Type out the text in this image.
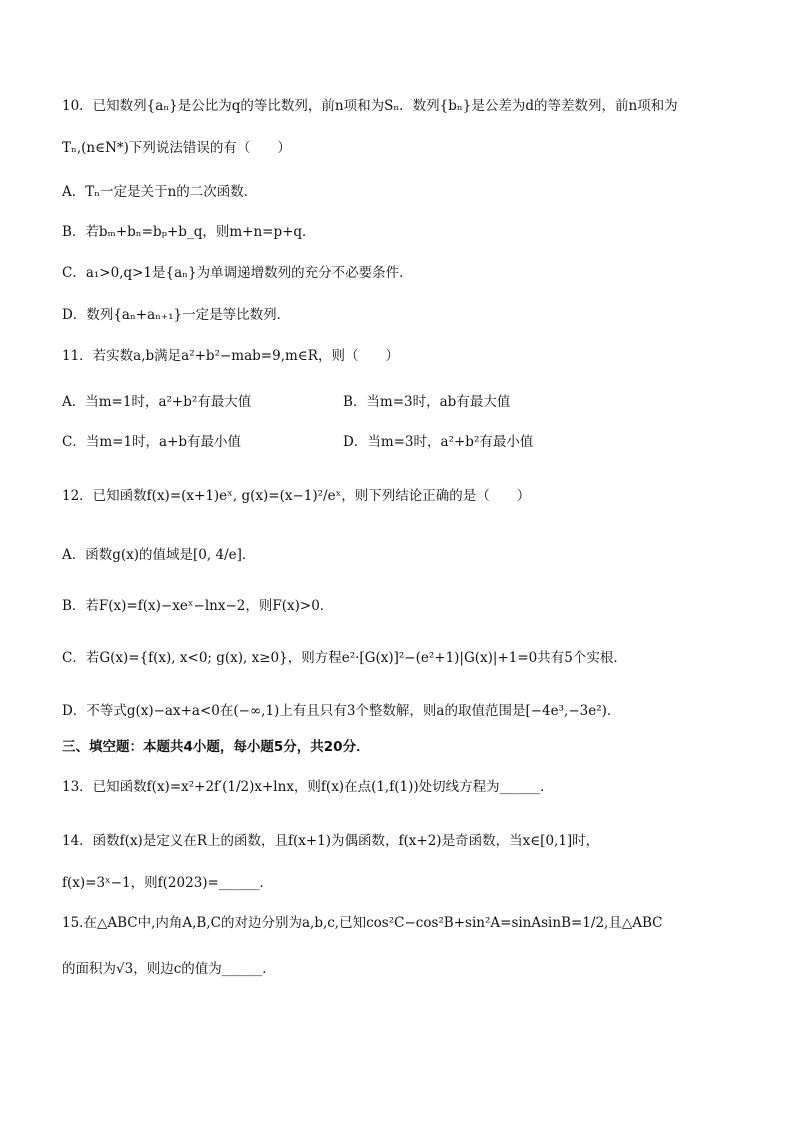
10．已知数列{aₙ}是公比为q的等比数列，前n项和为Sₙ．数列{bₙ}是公差为d的等差数列，前n项和为
Tₙ,(n∈N*)下列说法错误的有（　　）
A．Tₙ一定是关于n的二次函数．
B．若bₘ+bₙ=bₚ+b_q，则m+n=p+q．
C．a₁>0,q>1是{aₙ}为单调递增数列的充分不必要条件．
D．数列{aₙ+aₙ₊₁}一定是等比数列．
11．若实数a,b满足a²+b²−mab=9,m∈R，则（　　）
A．当m=1时，a²+b²有最大值	B．当m=3时，ab有最大值
C．当m=1时，a+b有最小值	D．当m=3时，a²+b²有最小值
12．已知函数f(x)=(x+1)eˣ, g(x)=(x−1)²/eˣ，则下列结论正确的是（　　）
A．函数g(x)的值域是[0, 4/e]．
B．若F(x)=f(x)−xeˣ−lnx−2，则F(x)>0．
C．若G(x)={f(x), x<0; g(x), x≥0}，则方程e²·[G(x)]²−(e²+1)|G(x)|+1=0共有5个实根．
D．不等式g(x)−ax+a<0在(−∞,1)上有且只有3个整数解，则a的取值范围是[−4e³,−3e²)．
三、填空题：本题共4小题，每小题5分，共20分．
13．已知函数f(x)=x²+2f′(1/2)x+lnx，则f(x)在点(1,f(1))处切线方程为______．
14．函数f(x)是定义在R上的函数，且f(x+1)为偶函数，f(x+2)是奇函数，当x∈[0,1]时，
f(x)=3ˣ−1，则f(2023)=______．
15.在△ABC中,内角A,B,C的对边分别为a,b,c,已知cos²C−cos²B+sin²A=sinAsinB=1/2,且△ABC
的面积为√3，则边c的值为______．
